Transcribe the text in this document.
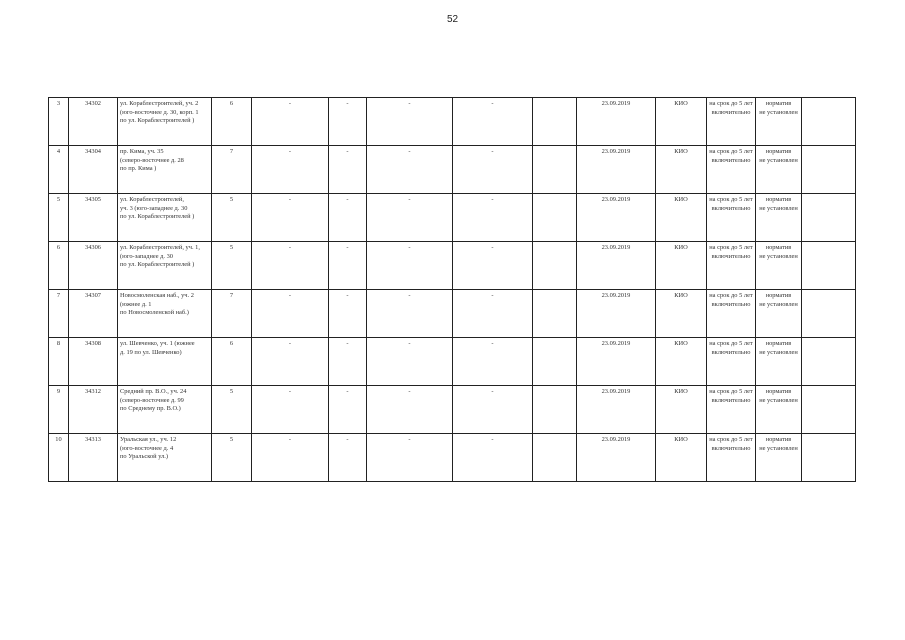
52
3	34302	ул. Кораблестроителей, уч. 2
(юго-восточнее д. 30, корп. 1
по ул. Кораблестроителей )	6	-	-	-	-		23.09.2019	КИО	на срок до 5 лет
включительно	норматив
не установлен	
4	34304	пр. Кима, уч. 35
(северо-восточнее д. 28
по пр. Кима )	7	-	-	-	-		23.09.2019	КИО	на срок до 5 лет
включительно	норматив
не установлен	
5	34305	ул. Кораблестроителей,
уч. 3 (юго-западнее д. 30
по ул. Кораблестроителей )	5	-	-	-	-		23.09.2019	КИО	на срок до 5 лет
включительно	норматив
не установлен	
6	34306	ул. Кораблестроителей, уч. 1,
(юго-западнее д. 30
по ул. Кораблестроителей )	5	-	-	-	-		23.09.2019	КИО	на срок до 5 лет
включительно	норматив
не установлен	
7	34307	Новосмоленская наб., уч. 2
(южнее д. 1
по Новосмоленской наб.)	7	-	-	-	-		23.09.2019	КИО	на срок до 5 лет
включительно	норматив
не установлен	
8	34308	ул. Шевченко, уч. 1 (южнее
д. 19 по ул. Шевченко)	6	-	-	-	-		23.09.2019	КИО	на срок до 5 лет
включительно	норматив
не установлен	
9	34312	Средний пр. В.О., уч. 24
(северо-восточнее д. 99
по Среднему пр. В.О.)	5	-	-	-	-		23.09.2019	КИО	на срок до 5 лет
включительно	норматив
не установлен	
10	34313	Уральская ул., уч. 12
(юго-восточнее д. 4
по Уральской ул.)	5	-	-	-	-		23.09.2019	КИО	на срок до 5 лет
включительно	норматив
не установлен	
